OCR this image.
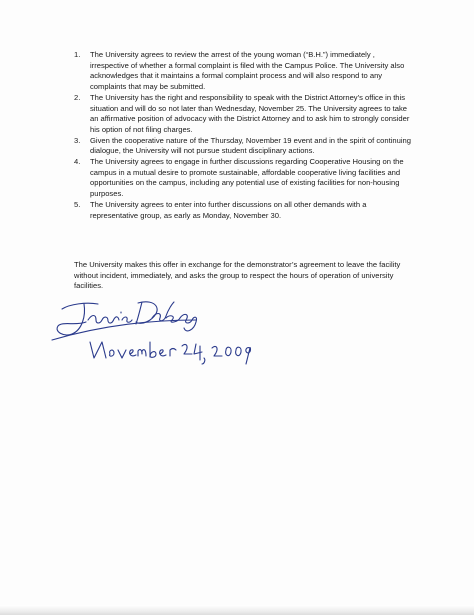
1. The University agrees to review the arrest of the young woman (“B.H.”) immediately , irrespective of whether a formal complaint is filed with the Campus Police. The University also acknowledges that it maintains a formal complaint process and will also respond to any complaints that may be submitted.
2. The University has the right and responsibility to speak with the District Attorney’s office in this situation and will do so not later than Wednesday, November 25. The University agrees to take an affirmative position of advocacy with the District Attorney and to ask him to strongly consider his option of not filing charges.
3. Given the cooperative nature of the Thursday, November 19 event and in the spirit of continuing dialogue, the University will not pursue student disciplinary actions.
4. The University agrees to engage in further discussions regarding Cooperative Housing on the campus in a mutual desire to promote sustainable, affordable cooperative living facilities and opportunities on the campus, including any potential use of existing facilities for non-housing purposes.
5. The University agrees to enter into further discussions on all other demands with a representative group, as early as Monday, November 30.

The University makes this offer in exchange for the demonstrator’s agreement to leave the facility without incident, immediately, and asks the group to respect the hours of operation of university facilities.
